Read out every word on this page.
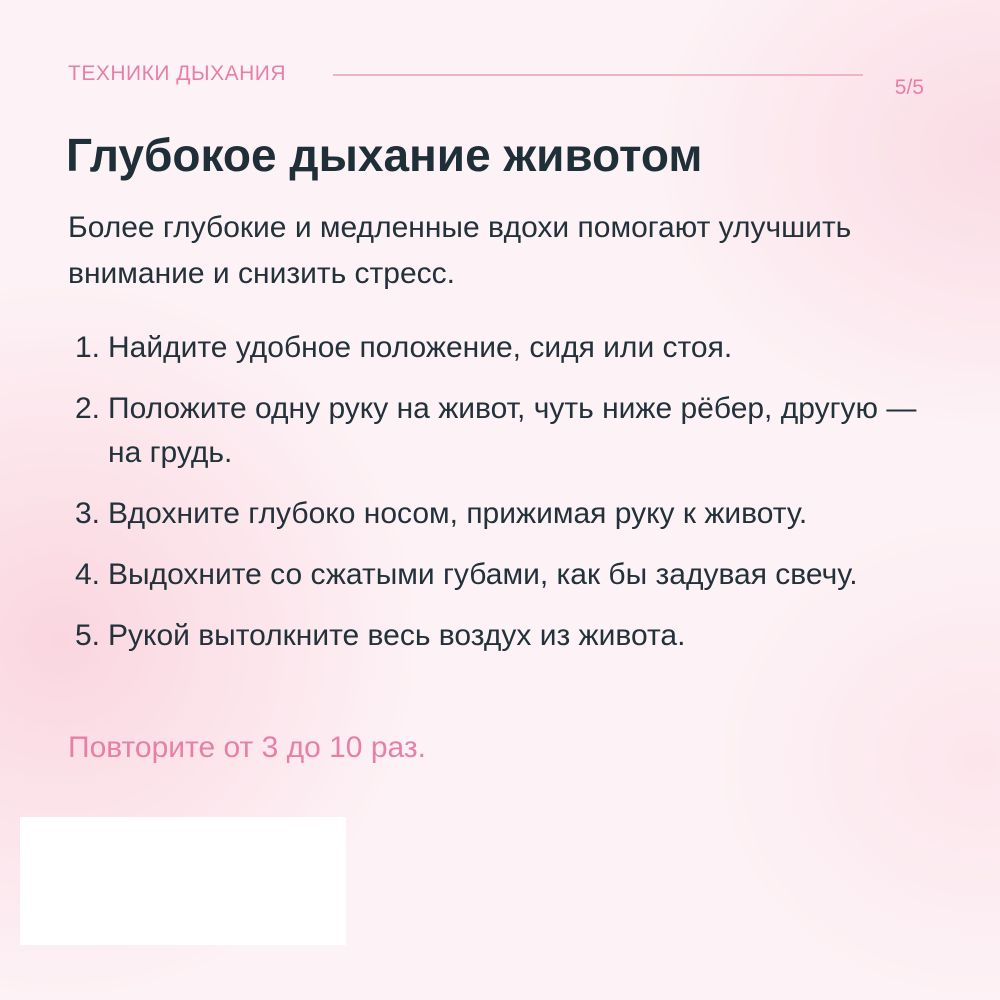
ТЕХНИКИ ДЫХАНИЯ
5/5
Глубокое дыхание животом

Более глубокие и медленные вдохи помогают улучшить внимание и снизить стресс.

1. Найдите удобное положение, сидя или стоя.
2. Положите одну руку на живот, чуть ниже рёбер, другую — на грудь.
3. Вдохните глубоко носом, прижимая руку к животу.
4. Выдохните со сжатыми губами, как бы задувая свечу.
5. Рукой вытолкните весь воздух из живота.

Повторите от 3 до 10 раз.
